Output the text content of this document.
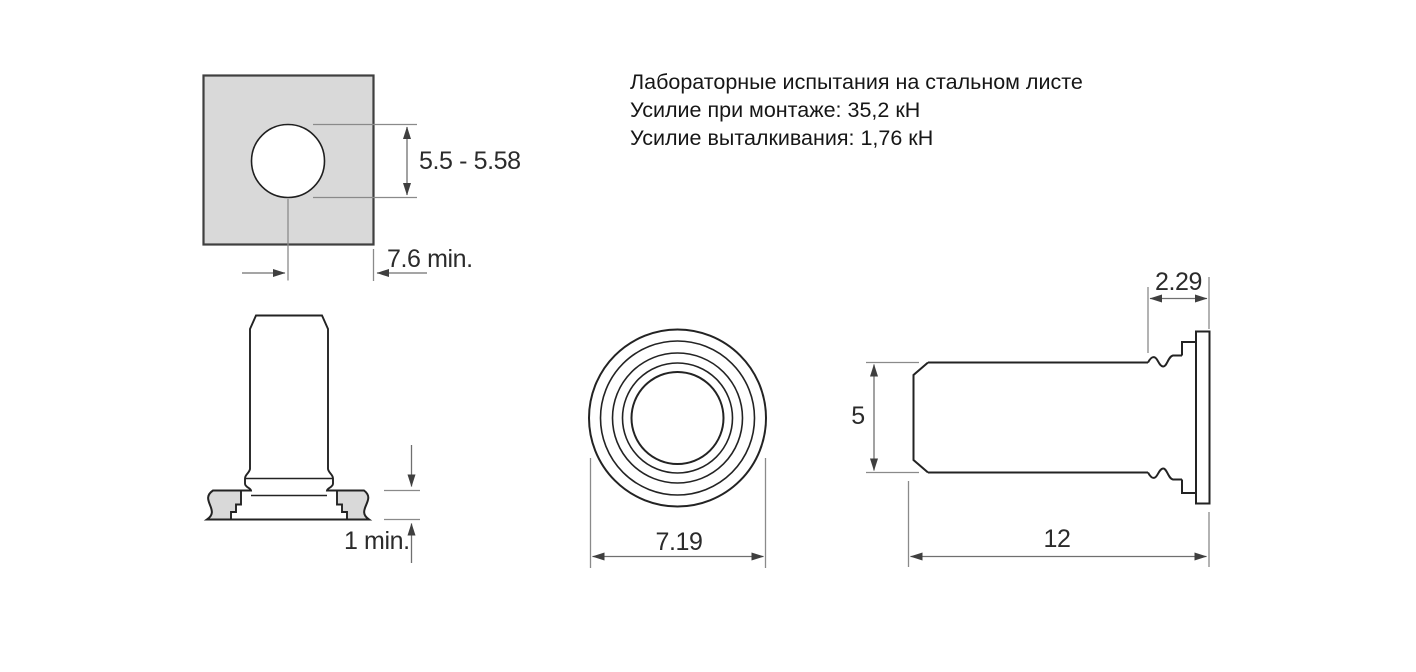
5.5 - 5.58
7.6 min.
1 min.	7.19
5
12
2.29
Лабораторные испытания на стальном листе
Усилие при монтаже: 35,2 кН
Усилие выталкивания: 1,76 кН
